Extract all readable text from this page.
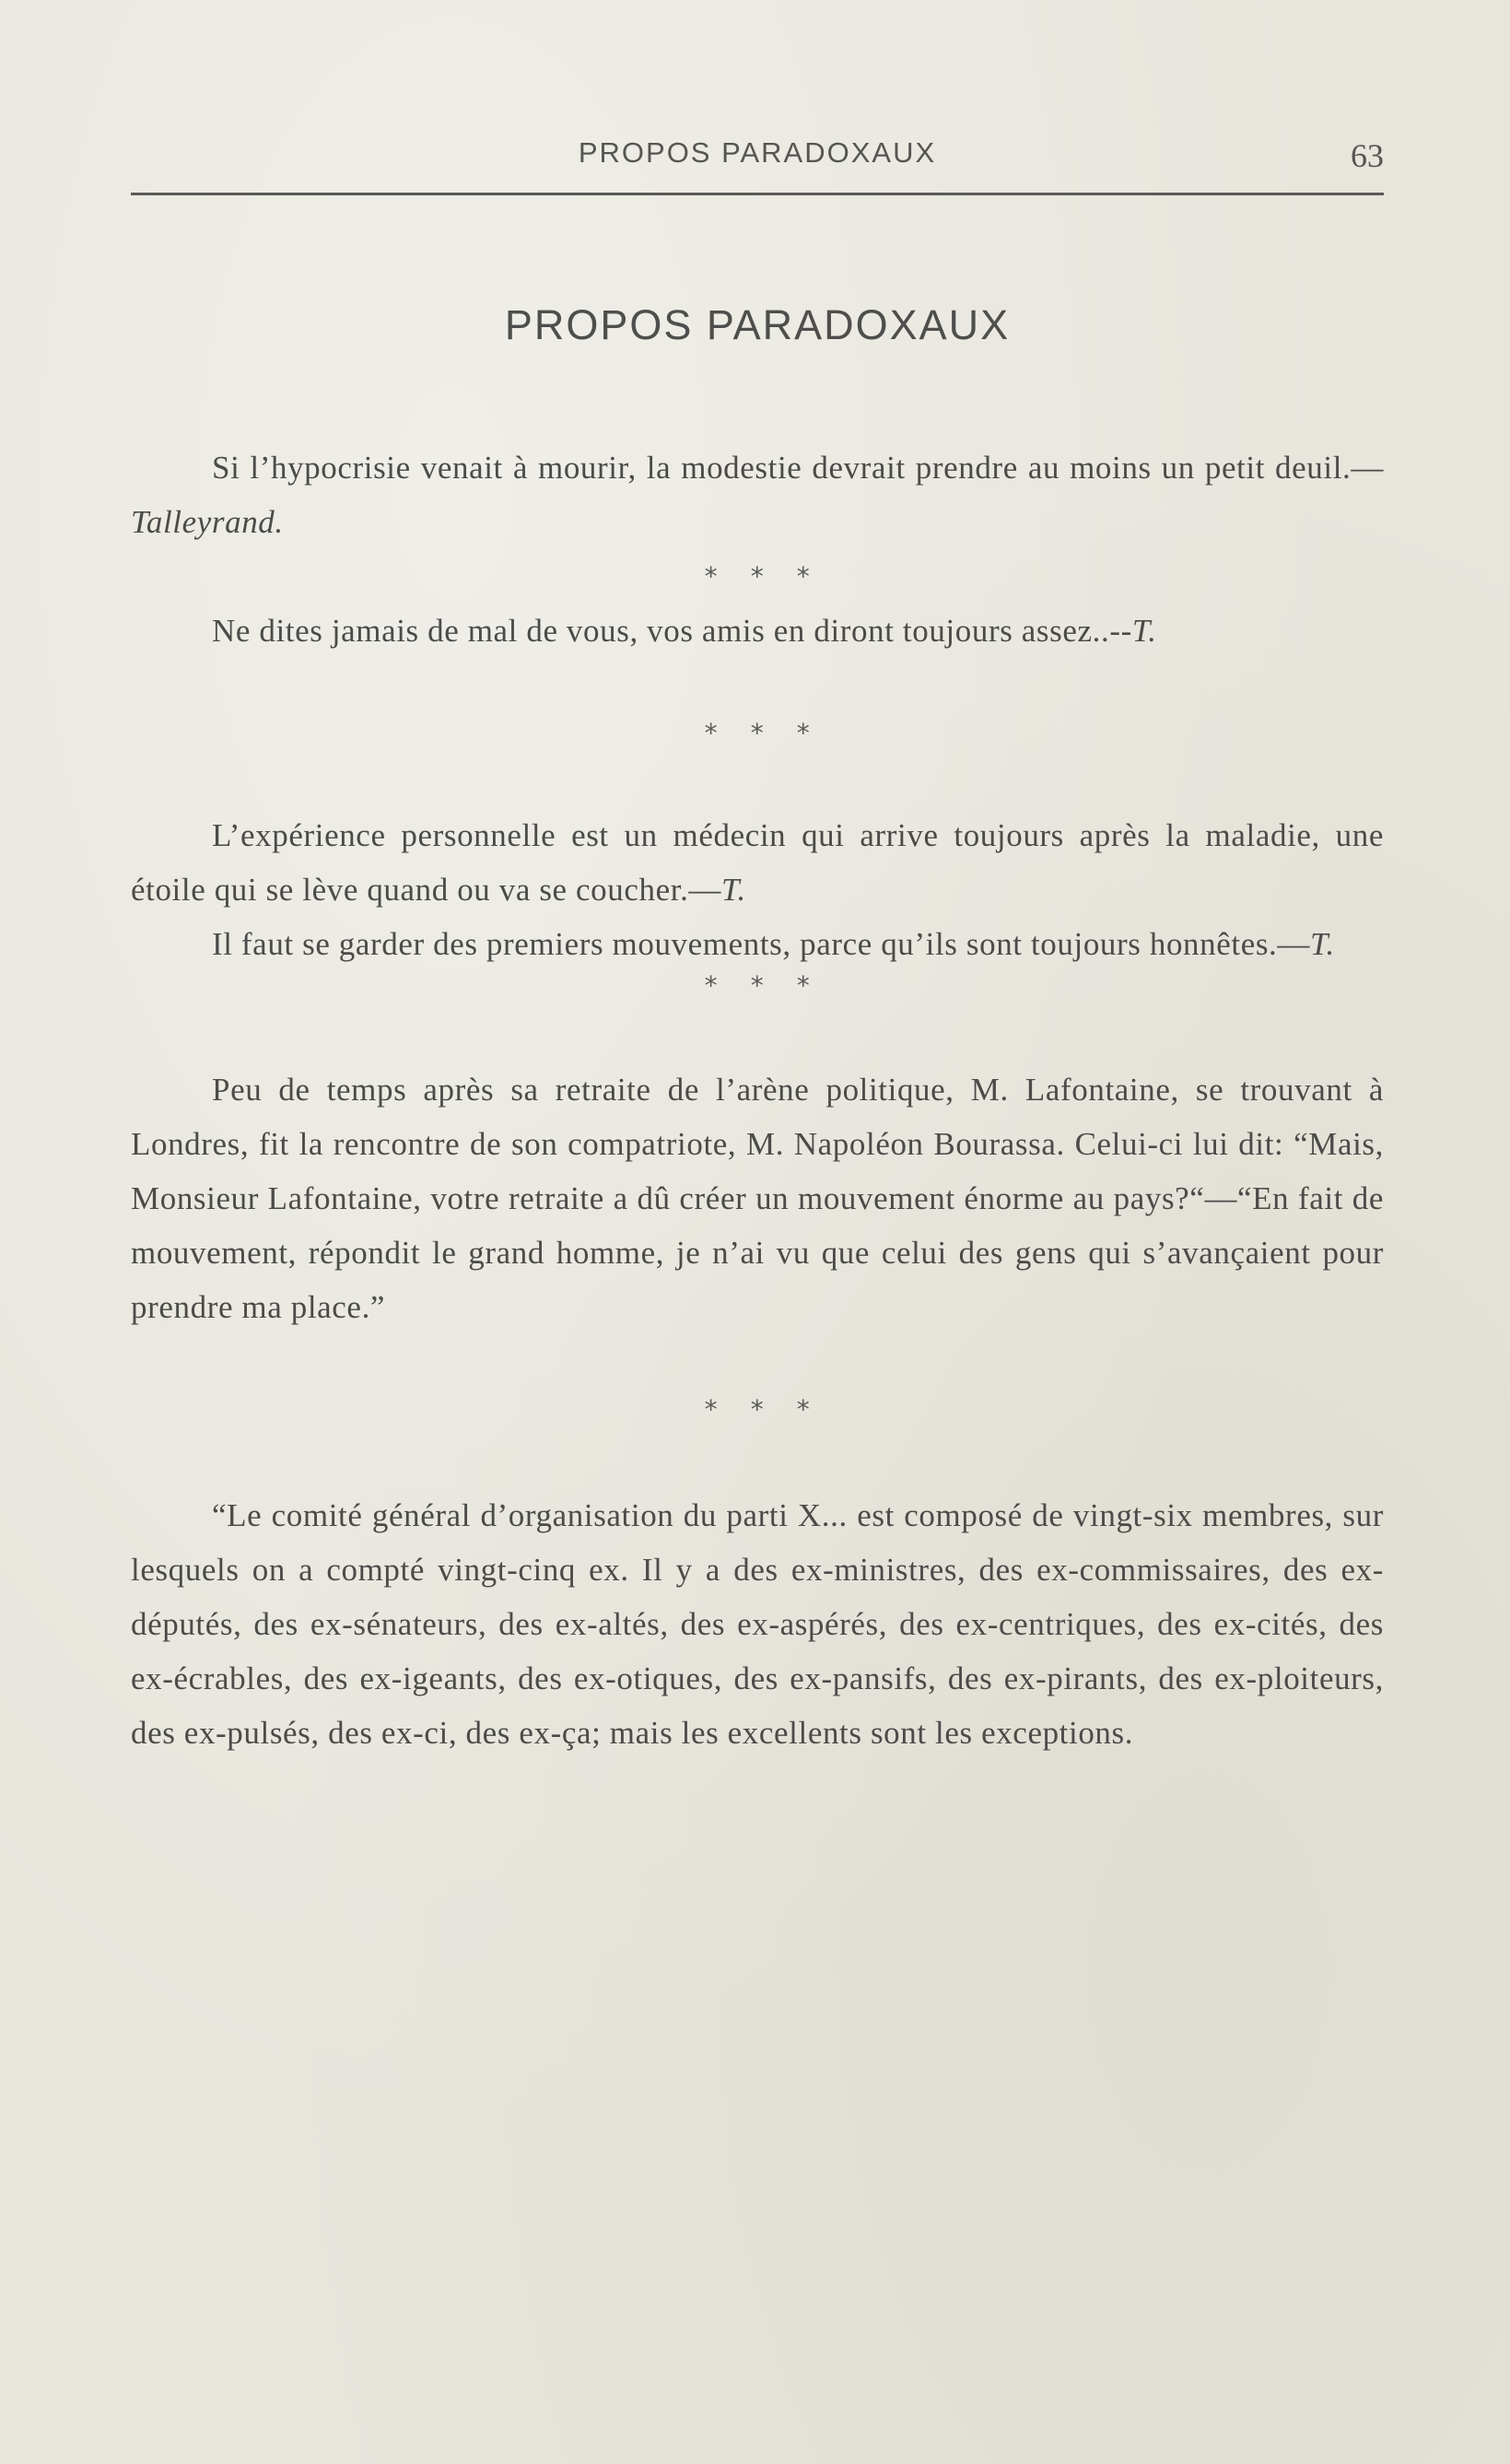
PROPOS PARADOXAUX	63
PROPOS PARADOXAUX

Si l’hypocrisie venait à mourir, la modestie devrait prendre au moins un petit deuil.—Talleyrand.

* * *

Ne dites jamais de mal de vous, vos amis en diront toujours assez..--T.

* * *

L’expérience personnelle est un médecin qui arrive toujours après la maladie, une étoile qui se lève quand ou va se coucher.—T.

Il faut se garder des premiers mouvements, parce qu’ils sont toujours honnêtes.—T.

* * *

Peu de temps après sa retraite de l’arène politique, M. Lafontaine, se trouvant à Londres, fit la rencontre de son compatriote, M. Napoléon Bourassa. Celui-ci lui dit: “Mais, Monsieur Lafontaine, votre retraite a dû créer un mouvement énorme au pays?“—“En fait de mouvement, répondit le grand homme, je n’ai vu que celui des gens qui s’avançaient pour prendre ma place.”

* * *

“Le comité général d’organisation du parti X... est composé de vingt-six membres, sur lesquels on a compté vingt-cinq ex. Il y a des ex-ministres, des ex-commissaires, des ex-députés, des ex-sénateurs, des ex-altés, des ex-aspérés, des ex-centriques, des ex-cités, des ex-écrables, des ex-igeants, des ex-otiques, des ex-pansifs, des ex-pirants, des ex-ploiteurs, des ex-pulsés, des ex-ci, des ex-ça; mais les excellents sont les exceptions.
